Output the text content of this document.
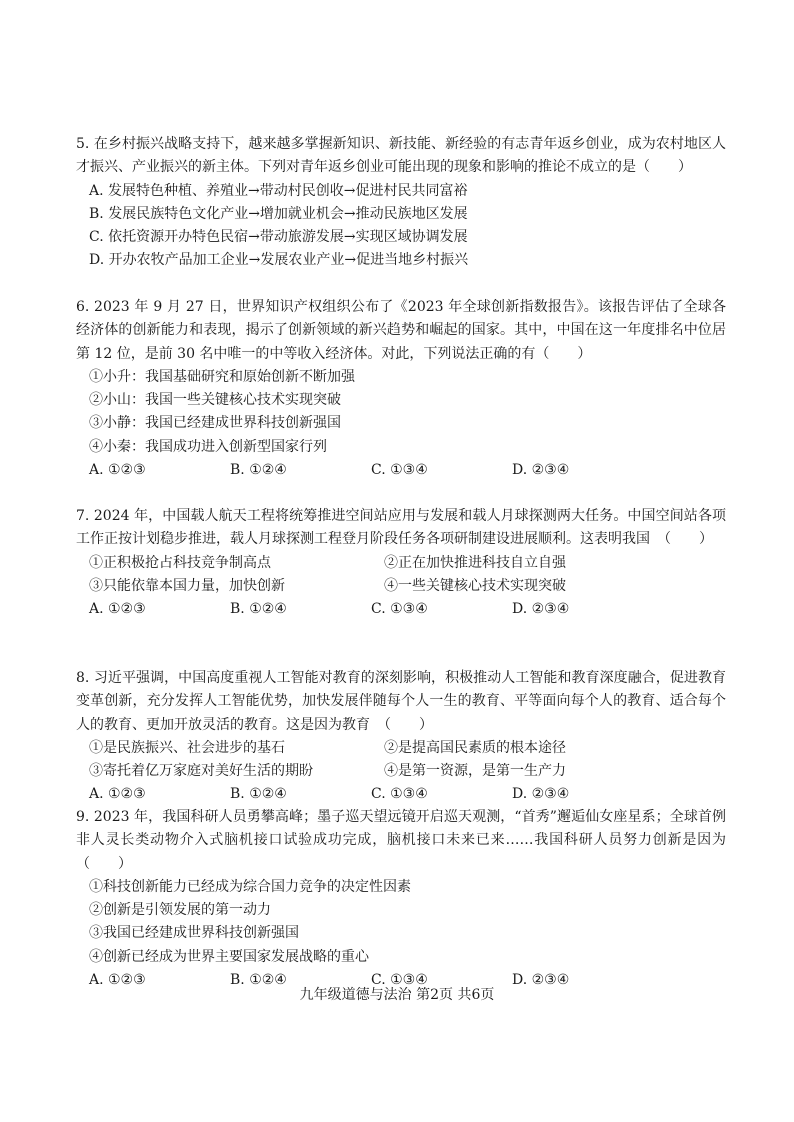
5. 在乡村振兴战略支持下，越来越多掌握新知识、新技能、新经验的有志青年返乡创业，成为农村地区人才振兴、产业振兴的新主体。下列对青年返乡创业可能出现的现象和影响的推论不成立的是（　　）

A. 发展特色种植、养殖业→带动村民创收→促进村民共同富裕
B. 发展民族特色文化产业→增加就业机会→推动民族地区发展
C. 依托资源开办特色民宿→带动旅游发展→实现区域协调发展
D. 开办农牧产品加工企业→发展农业产业→促进当地乡村振兴

6. 2023 年 9 月 27 日，世界知识产权组织公布了《2023 年全球创新指数报告》。该报告评估了全球各经济体的创新能力和表现，揭示了创新领域的新兴趋势和崛起的国家。其中，中国在这一年度排名中位居第 12 位，是前 30 名中唯一的中等收入经济体。对此，下列说法正确的有（　　）

①小升：我国基础研究和原始创新不断加强
②小山：我国一些关键核心技术实现突破
③小静：我国已经建成世界科技创新强国
④小秦：我国成功进入创新型国家行列
A. ①②③	B. ①②④	C. ①③④	D. ②③④

7. 2024 年，中国载人航天工程将统筹推进空间站应用与发展和载人月球探测两大任务。中国空间站各项工作正按计划稳步推进，载人月球探测工程登月阶段任务各项研制建设进展顺利。这表明我国　（　　）

①正积极抢占科技竞争制高点	②正在加快推进科技自立自强
③只能依靠本国力量，加快创新	④一些关键核心技术实现突破
A. ①②③	B. ①②④	C. ①③④	D. ②③④

8. 习近平强调，中国高度重视人工智能对教育的深刻影响，积极推动人工智能和教育深度融合，促进教育变革创新，充分发挥人工智能优势，加快发展伴随每个人一生的教育、平等面向每个人的教育、适合每个人的教育、更加开放灵活的教育。这是因为教育　（　　）

①是民族振兴、社会进步的基石	②是提高国民素质的根本途径
③寄托着亿万家庭对美好生活的期盼	④是第一资源，是第一生产力
A. ①②③	B. ①②④	C. ①③④	D. ②③④

9. 2023 年，我国科研人员勇攀高峰；墨子巡天望远镜开启巡天观测，“首秀”邂逅仙女座星系；全球首例非人灵长类动物介入式脑机接口试验成功完成，脑机接口未来已来……我国科研人员努力创新是因为　　（　　）

①科技创新能力已经成为综合国力竞争的决定性因素
②创新是引领发展的第一动力
③我国已经建成世界科技创新强国
④创新已经成为世界主要国家发展战略的重心
A. ①②③	B. ①②④	C. ①③④	D. ②③④
九年级道德与法治 第2页 共6页
